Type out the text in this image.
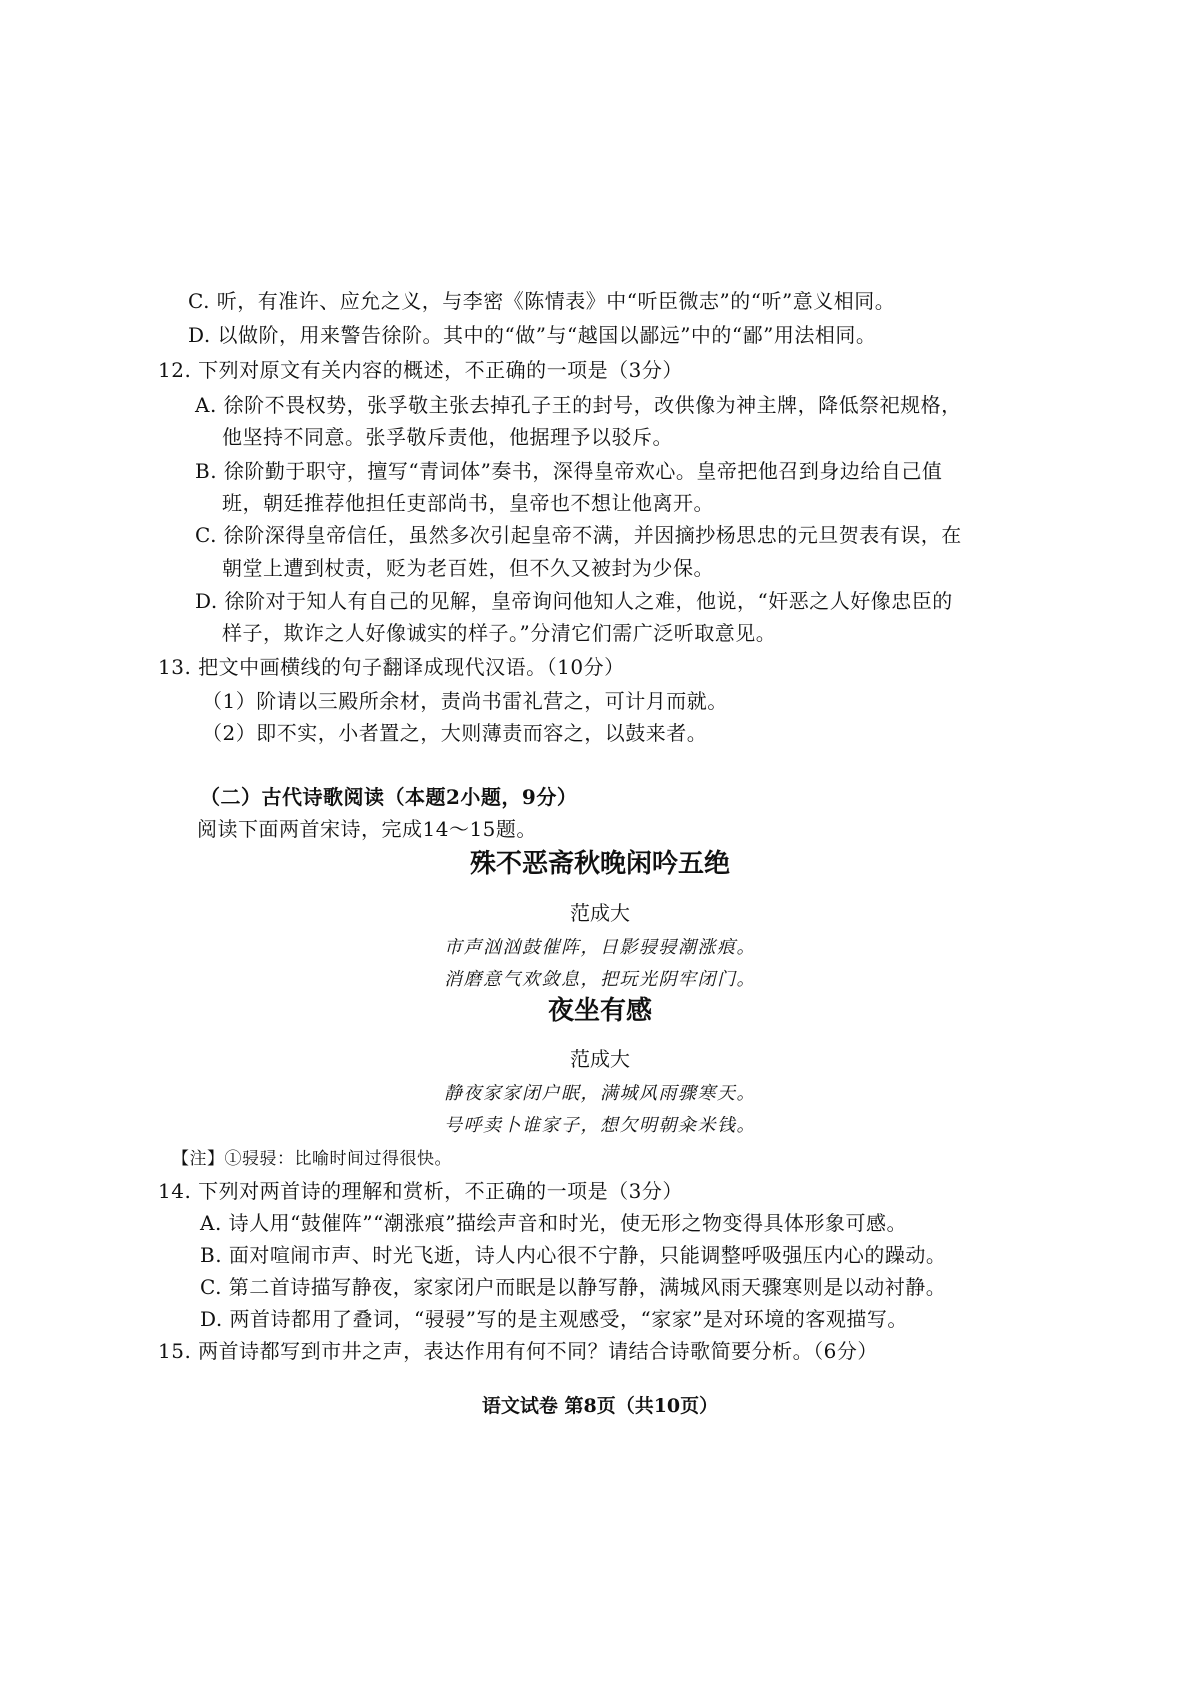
C. 听，有准许、应允之义，与李密《陈情表》中“听臣微志”的“听”意义相同。
D. 以做阶，用来警告徐阶。其中的“做”与“越国以鄙远”中的“鄙”用法相同。
12. 下列对原文有关内容的概述，不正确的一项是（3分）
A. 徐阶不畏权势，张孚敬主张去掉孔子王的封号，改供像为神主牌，降低祭祀规格，
他坚持不同意。张孚敬斥责他，他据理予以驳斥。
B. 徐阶勤于职守，擅写“青词体”奏书，深得皇帝欢心。皇帝把他召到身边给自己值
班，朝廷推荐他担任吏部尚书，皇帝也不想让他离开。
C. 徐阶深得皇帝信任，虽然多次引起皇帝不满，并因摘抄杨思忠的元旦贺表有误，在
朝堂上遭到杖责，贬为老百姓，但不久又被封为少保。
D. 徐阶对于知人有自己的见解，皇帝询问他知人之难，他说，“奸恶之人好像忠臣的
样子，欺诈之人好像诚实的样子。”分清它们需广泛听取意见。
13. 把文中画横线的句子翻译成现代汉语。（10分）
（1）阶请以三殿所余材，责尚书雷礼营之，可计月而就。
（2）即不实，小者置之，大则薄责而容之，以鼓来者。
（二）古代诗歌阅读（本题2小题，9分）
阅读下面两首宋诗，完成14～15题。
殊不恶斋秋晚闲吟五绝
范成大
市声汹汹鼓催阵，日影骎骎潮涨痕。
消磨意气欢敛息，把玩光阴牢闭门。
夜坐有感
范成大
静夜家家闭户眠，满城风雨骤寒天。
号呼卖卜谁家子，想欠明朝籴米钱。
【注】①骎骎：比喻时间过得很快。
14. 下列对两首诗的理解和赏析，不正确的一项是（3分）
A. 诗人用“鼓催阵”“潮涨痕”描绘声音和时光，使无形之物变得具体形象可感。
B. 面对喧闹市声、时光飞逝，诗人内心很不宁静，只能调整呼吸强压内心的躁动。
C. 第二首诗描写静夜，家家闭户而眠是以静写静，满城风雨天骤寒则是以动衬静。
D. 两首诗都用了叠词，“骎骎”写的是主观感受，“家家”是对环境的客观描写。
15. 两首诗都写到市井之声，表达作用有何不同？请结合诗歌简要分析。（6分）
语文试卷 第8页（共10页）
